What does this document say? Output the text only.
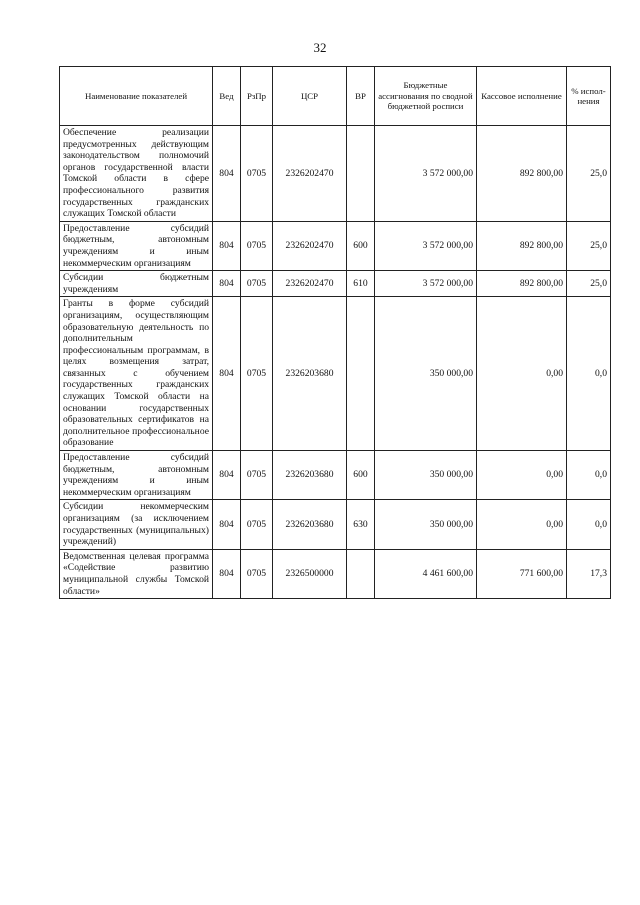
32
Наименование показателей	Вед	РзПр	ЦСР	ВР	Бюджетные ассигнования по сводной бюджетной росписи	Кассовое исполнение	% испол-нения
Обеспечение реализации предусмотренных действующим законодательством полномочий органов государственной власти Томской области в сфере профессионального развития государственных гражданских служащих Томской области	804	0705	2326202470		3 572 000,00	892 800,00	25,0
Предоставление субсидий бюджетным, автономным учреждениям и иным некоммерческим организациям	804	0705	2326202470	600	3 572 000,00	892 800,00	25,0
Субсидии бюджетным учреждениям	804	0705	2326202470	610	3 572 000,00	892 800,00	25,0
Гранты в форме субсидий организациям, осуществляющим образовательную деятельность по дополнительным профессиональным программам, в целях возмещения затрат, связанных с обучением государственных гражданских служащих Томской области на основании государственных образовательных сертификатов на дополнительное профессиональное образование	804	0705	2326203680		350 000,00	0,00	0,0
Предоставление субсидий бюджетным, автономным учреждениям и иным некоммерческим организациям	804	0705	2326203680	600	350 000,00	0,00	0,0
Субсидии некоммерческим организациям (за исключением государственных (муниципальных) учреждений)	804	0705	2326203680	630	350 000,00	0,00	0,0
Ведомственная целевая программа «Содействие развитию муниципальной службы Томской области»	804	0705	2326500000		4 461 600,00	771 600,00	17,3
